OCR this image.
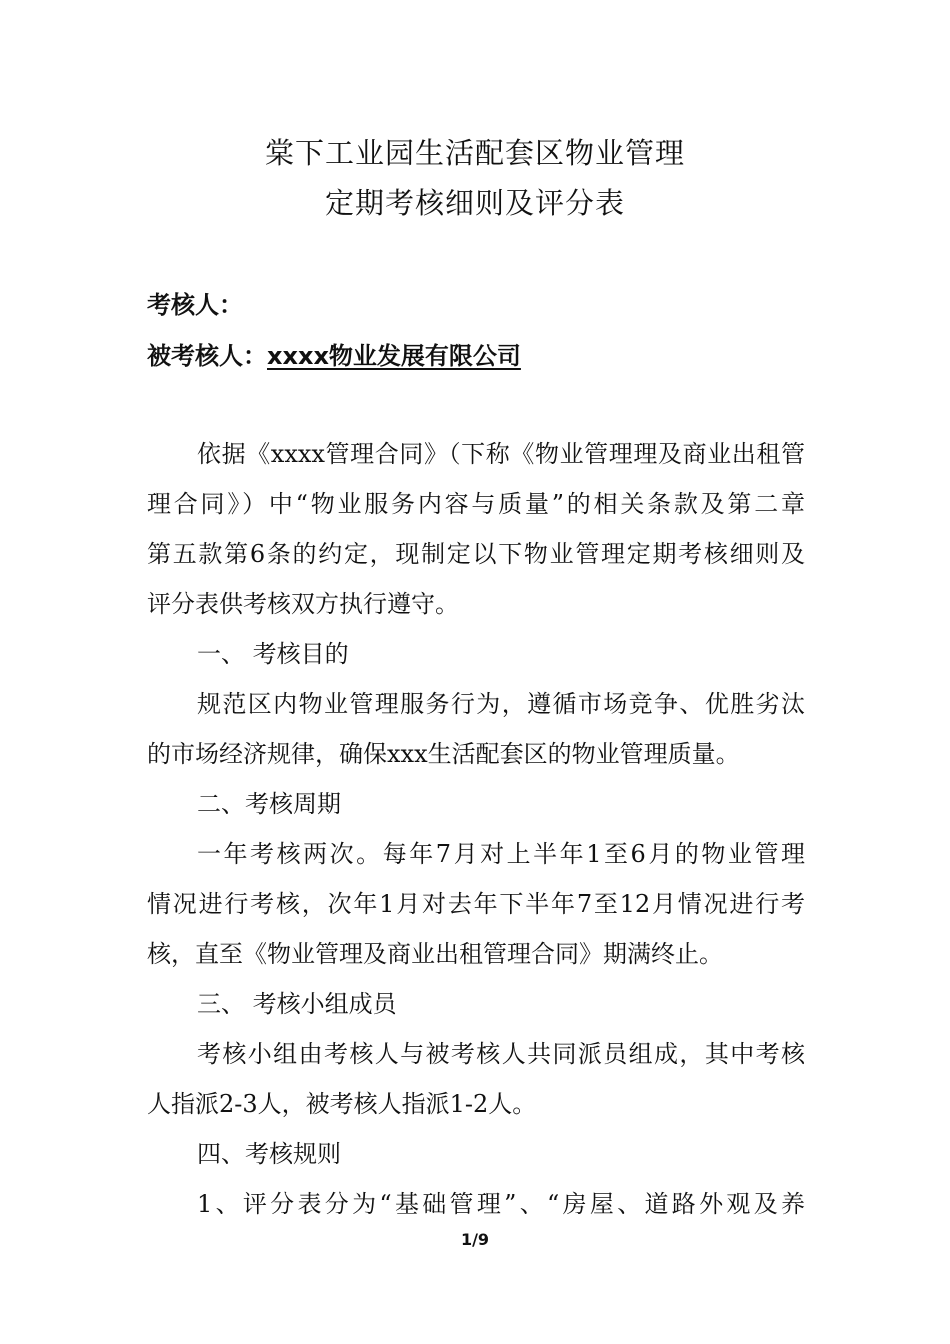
棠下工业园生活配套区物业管理
定期考核细则及评分表
考核人：
被考核人：xxxx物业发展有限公司
依据《xxxx管理合同》（下称《物业管理理及商业出租管
理合同》）中“物业服务内容与质量”的相关条款及第二章
第五款第6条的约定，现制定以下物业管理定期考核细则及
评分表供考核双方执行遵守。
一、 考核目的
规范区内物业管理服务行为，遵循市场竞争、优胜劣汰
的市场经济规律，确保xxx生活配套区的物业管理质量。
二、考核周期
一年考核两次。每年7月对上半年1至6月的物业管理
情况进行考核，次年1月对去年下半年7至12月情况进行考
核，直至《物业管理及商业出租管理合同》期满终止。
三、 考核小组成员
考核小组由考核人与被考核人共同派员组成，其中考核
人指派2-3人，被考核人指派1-2人。
四、考核规则
1、评分表分为“基础管理”、“房屋、道路外观及养
1/9
